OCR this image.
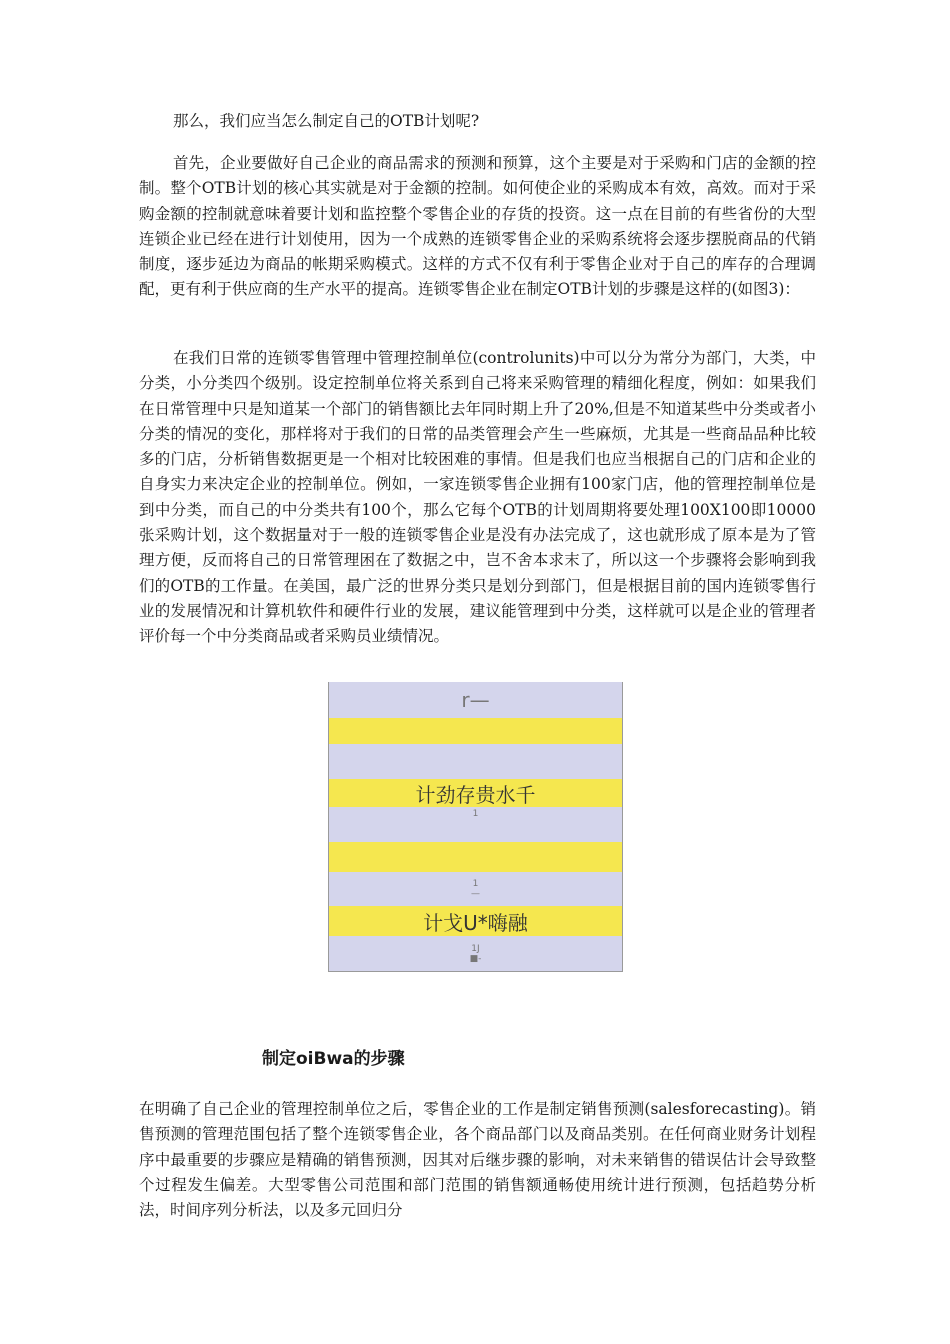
那么，我们应当怎么制定自己的OTB计划呢?

首先，企业要做好自己企业的商品需求的预测和预算，这个主要是对于采购和门店的金额的控制。整个OTB计划的核心其实就是对于金额的控制。如何使企业的采购成本有效，高效。而对于采购金额的控制就意味着要计划和监控整个零售企业的存货的投资。这一点在目前的有些省份的大型连锁企业已经在进行计划使用，因为一个成熟的连锁零售企业的采购系统将会逐步摆脱商品的代销制度，逐步延边为商品的帐期采购模式。这样的方式不仅有利于零售企业对于自己的库存的合理调配，更有利于供应商的生产水平的提高。连锁零售企业在制定OTB计划的步骤是这样的(如图3)：

在我们日常的连锁零售管理中管理控制单位(controlunits)中可以分为常分为部门，大类，中分类，小分类四个级别。设定控制单位将关系到自己将来采购管理的精细化程度，例如：如果我们在日常管理中只是知道某一个部门的销售额比去年同时期上升了20%,但是不知道某些中分类或者小分类的情况的变化，那样将对于我们的日常的品类管理会产生一些麻烦，尤其是一些商品品种比较多的门店，分析销售数据更是一个相对比较困难的事情。但是我们也应当根据自己的门店和企业的自身实力来决定企业的控制单位。例如，一家连锁零售企业拥有100家门店，他的管理控制单位是到中分类，而自己的中分类共有100个，那么它每个OTB的计划周期将要处理100X100即10000张采购计划，这个数据量对于一般的连锁零售企业是没有办法完成了，这也就形成了原本是为了管理方便，反而将自己的日常管理困在了数据之中，岂不舍本求末了，所以这一个步骤将会影响到我们的OTB的工作量。在美国，最广泛的世界分类只是划分到部门，但是根据目前的国内连锁零售行业的发展情况和计算机软件和硬件行业的发展，建议能管理到中分类，这样就可以是企业的管理者评价每一个中分类商品或者采购员业绩情况。

r—
计劲存贵水千
1
1
—
计戈U*嗨融
1J
■-
制定oiBwa的步骤

在明确了自己企业的管理控制单位之后，零售企业的工作是制定销售预测(salesforecasting)。销售预测的管理范围包括了整个连锁零售企业，各个商品部门以及商品类别。在任何商业财务计划程序中最重要的步骤应是精确的销售预测，因其对后继步骤的影响，对未来销售的错误估计会导致整个过程发生偏差。大型零售公司范围和部门范围的销售额通畅使用统计进行预测，包括趋势分析法，时间序列分析法，以及多元回归分
